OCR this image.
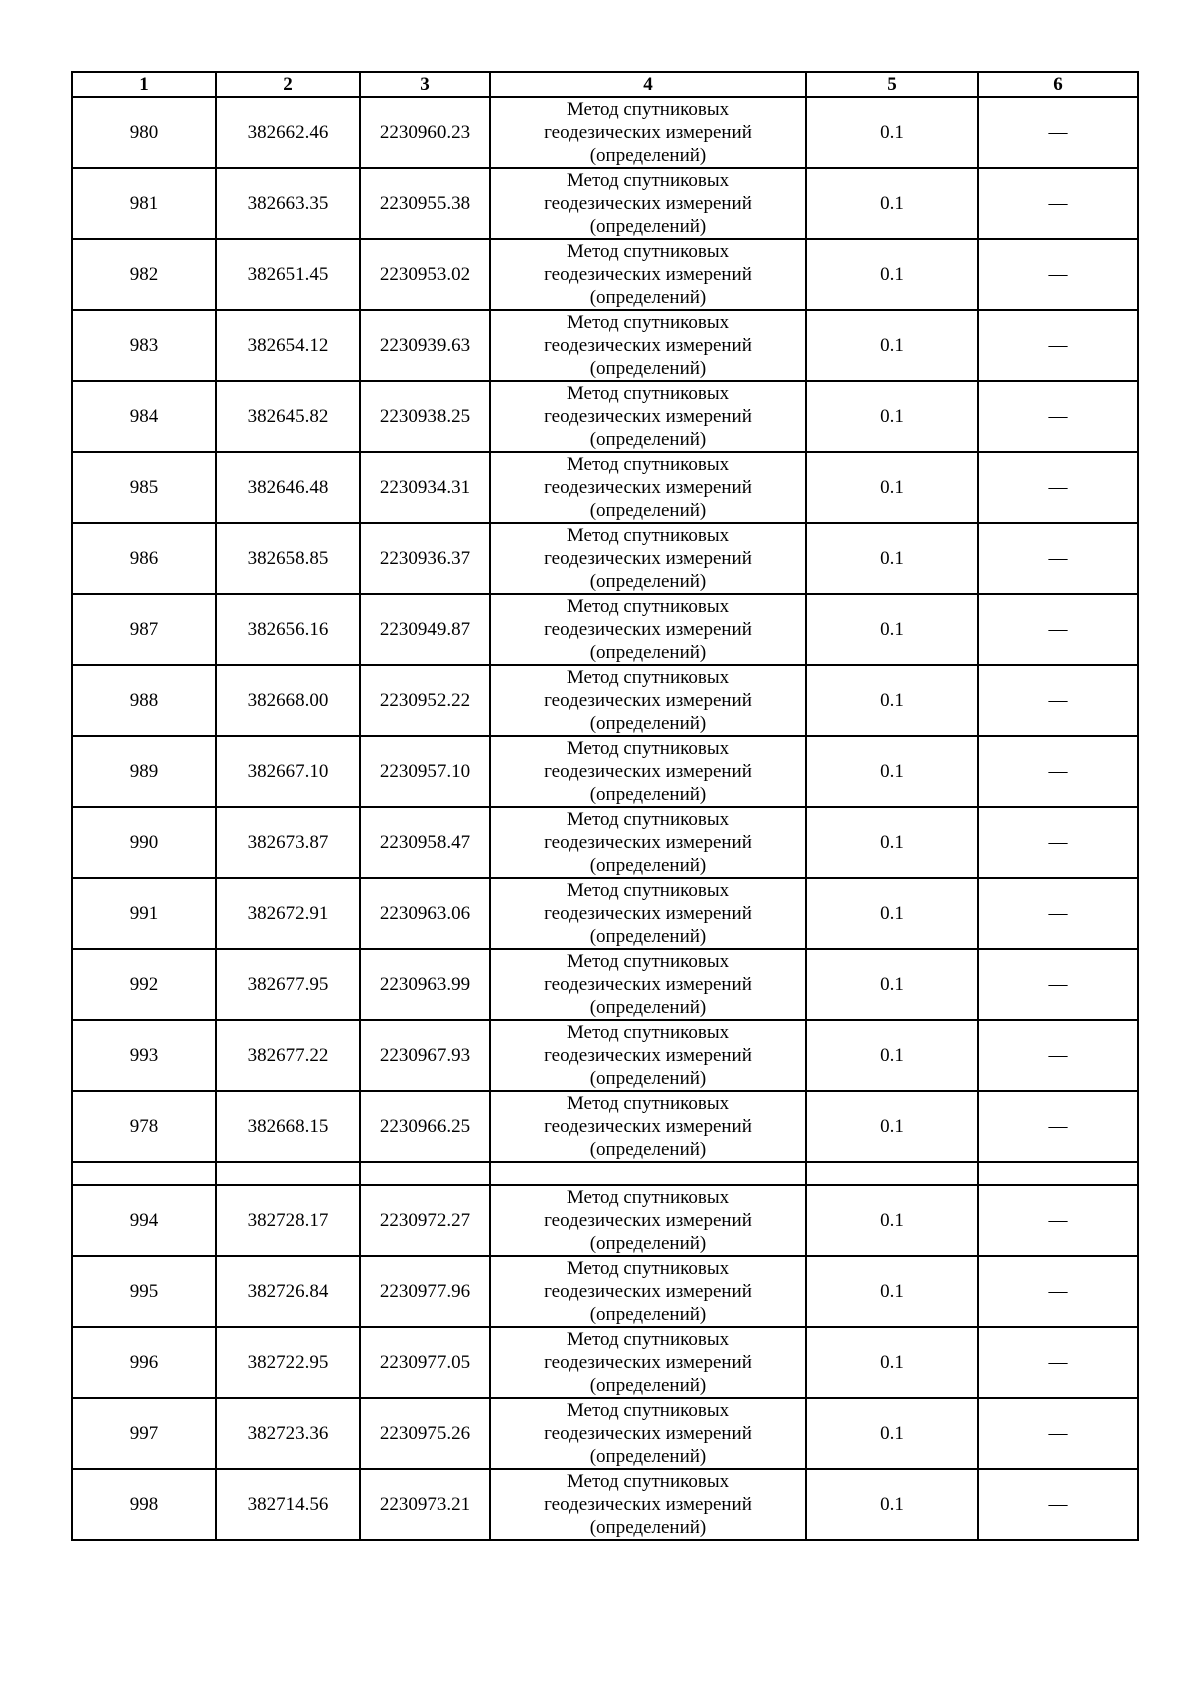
1	2	3	4	5	6
980	382662.46	2230960.23	Метод спутниковых геодезических измерений (определений)	0.1	—
981	382663.35	2230955.38	Метод спутниковых геодезических измерений (определений)	0.1	—
982	382651.45	2230953.02	Метод спутниковых геодезических измерений (определений)	0.1	—
983	382654.12	2230939.63	Метод спутниковых геодезических измерений (определений)	0.1	—
984	382645.82	2230938.25	Метод спутниковых геодезических измерений (определений)	0.1	—
985	382646.48	2230934.31	Метод спутниковых геодезических измерений (определений)	0.1	—
986	382658.85	2230936.37	Метод спутниковых геодезических измерений (определений)	0.1	—
987	382656.16	2230949.87	Метод спутниковых геодезических измерений (определений)	0.1	—
988	382668.00	2230952.22	Метод спутниковых геодезических измерений (определений)	0.1	—
989	382667.10	2230957.10	Метод спутниковых геодезических измерений (определений)	0.1	—
990	382673.87	2230958.47	Метод спутниковых геодезических измерений (определений)	0.1	—
991	382672.91	2230963.06	Метод спутниковых геодезических измерений (определений)	0.1	—
992	382677.95	2230963.99	Метод спутниковых геодезических измерений (определений)	0.1	—
993	382677.22	2230967.93	Метод спутниковых геодезических измерений (определений)	0.1	—
978	382668.15	2230966.25	Метод спутниковых геодезических измерений (определений)	0.1	—

994	382728.17	2230972.27	Метод спутниковых геодезических измерений (определений)	0.1	—
995	382726.84	2230977.96	Метод спутниковых геодезических измерений (определений)	0.1	—
996	382722.95	2230977.05	Метод спутниковых геодезических измерений (определений)	0.1	—
997	382723.36	2230975.26	Метод спутниковых геодезических измерений (определений)	0.1	—
998	382714.56	2230973.21	Метод спутниковых геодезических измерений (определений)	0.1	—
